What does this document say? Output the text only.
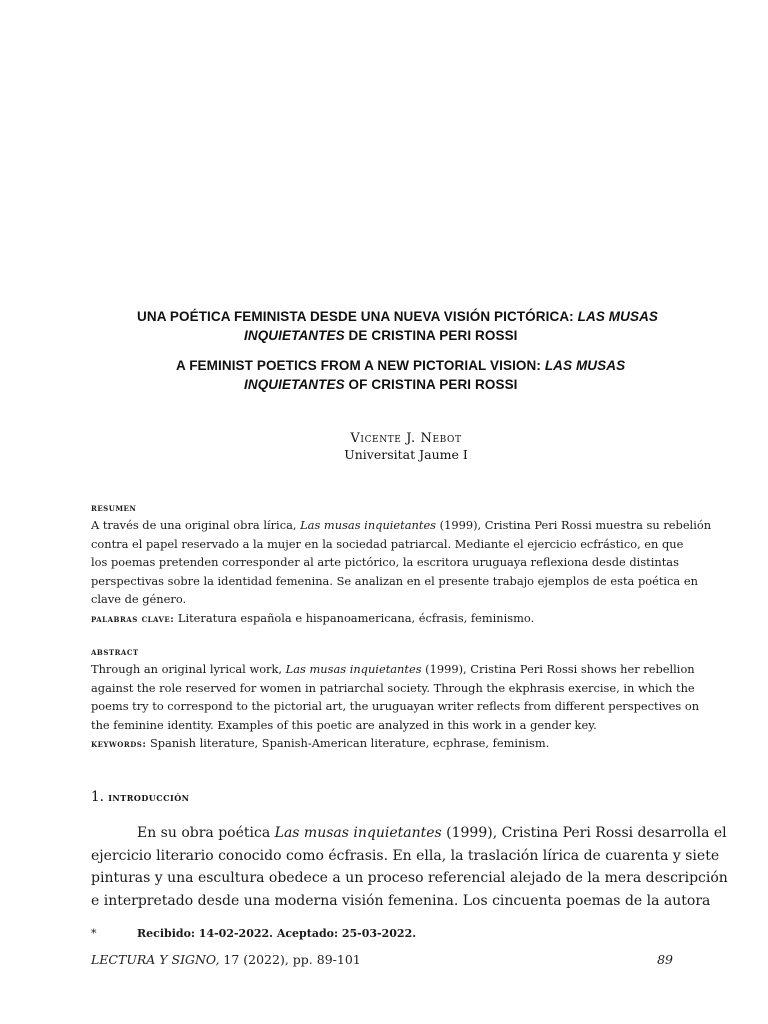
UNA POÉTICA FEMINISTA DESDE UNA NUEVA VISIÓN PICTÓRICA: LAS MUSAS
INQUIETANTES DE CRISTINA PERI ROSSI
A FEMINIST POETICS FROM A NEW PICTORIAL VISION: LAS MUSAS
INQUIETANTES OF CRISTINA PERI ROSSI
Vicente J. Nebot
Universitat Jaume I
resumen

A través de una original obra lírica, Las musas inquietantes (1999), Cristina Peri Rossi muestra su rebelión
contra el papel reservado a la mujer en la sociedad patriarcal. Mediante el ejercicio ecfrástico, en que
los poemas pretenden corresponder al arte pictórico, la escritora uruguaya reflexiona desde distintas
perspectivas sobre la identidad femenina. Se analizan en el presente trabajo ejemplos de esta poética en
clave de género.

palabras clave: Literatura española e hispanoamericana, écfrasis, feminismo.

abstract

Through an original lyrical work, Las musas inquietantes (1999), Cristina Peri Rossi shows her rebellion
against the role reserved for women in patriarchal society. Through the ekphrasis exercise, in which the
poems try to correspond to the pictorial art, the uruguayan writer reflects from different perspectives on
the feminine identity. Examples of this poetic are analyzed in this work in a gender key.

keywords: Spanish literature, Spanish-American literature, ecphrase, feminism.

1. introducción
En su obra poética Las musas inquietantes (1999), Cristina Peri Rossi desarrolla el
ejercicio literario conocido como écfrasis. En ella, la traslación lírica de cuarenta y siete
pinturas y una escultura obedece a un proceso referencial alejado de la mera descripción
e interpretado desde una moderna visión femenina. Los cincuenta poemas de la autora
*	Recibido: 14-02-2022. Aceptado: 25-03-2022.
LECTURA Y SIGNO, 17 (2022), pp. 89-101	89
